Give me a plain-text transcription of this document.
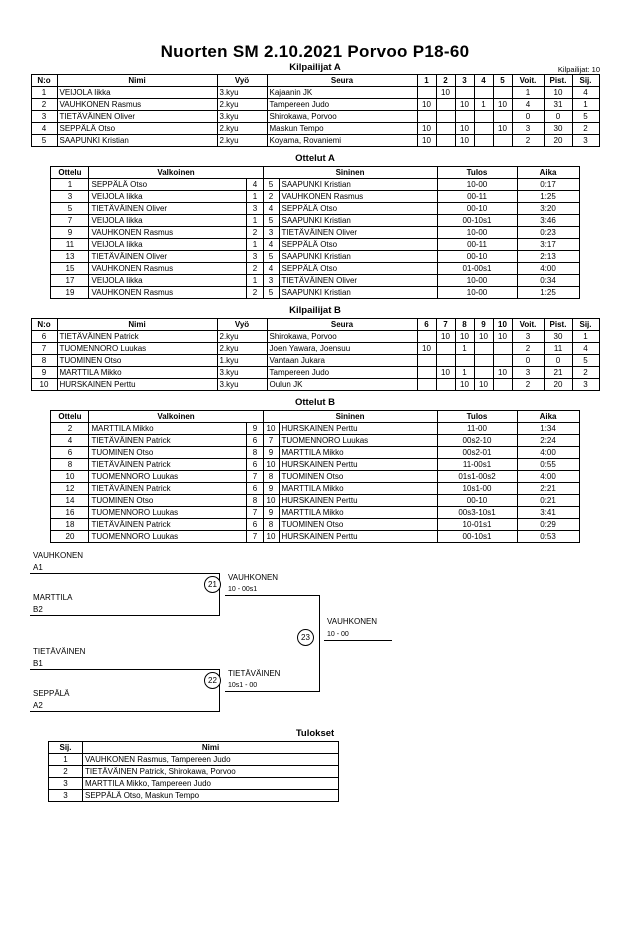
Nuorten SM 2.10.2021 Porvoo P18-60
Kilpailijat A	Kilpailijat: 10
N:o	Nimi	Vyö	Seura	1	2	3	4	5	Voit.	Pist.	Sij.
1	VEIJOLA Iikka	3.kyu	Kajaanin JK		10				1	10	4
2	VAUHKONEN Rasmus	2.kyu	Tampereen Judo	10		10	1	10	4	31	1
3	TIETÄVÄINEN Oliver	3.kyu	Shirokawa, Porvoo						0	0	5
4	SEPPÄLÄ Otso	2.kyu	Maskun Tempo	10		10		10	3	30	2
5	SAAPUNKI Kristian	2.kyu	Koyama, Rovaniemi	10		10			2	20	3
Ottelut A
Ottelu	Valkoinen		Sininen		Tulos	Aika
1	SEPPÄLÄ Otso	4	5	SAAPUNKI Kristian	10-00	0:17
3	VEIJOLA Iikka	1	2	VAUHKONEN Rasmus	00-11	1:25
5	TIETÄVÄINEN Oliver	3	4	SEPPÄLÄ Otso	00-10	3:20
7	VEIJOLA Iikka	1	5	SAAPUNKI Kristian	00-10s1	3:46
9	VAUHKONEN Rasmus	2	3	TIETÄVÄINEN Oliver	10-00	0:23
11	VEIJOLA Iikka	1	4	SEPPÄLÄ Otso	00-11	3:17
13	TIETÄVÄINEN Oliver	3	5	SAAPUNKI Kristian	00-10	2:13
15	VAUHKONEN Rasmus	2	4	SEPPÄLÄ Otso	01-00s1	4:00
17	VEIJOLA Iikka	1	3	TIETÄVÄINEN Oliver	10-00	0:34
19	VAUHKONEN Rasmus	2	5	SAAPUNKI Kristian	10-00	1:25
Kilpailijat B
N:o	Nimi	Vyö	Seura	6	7	8	9	10	Voit.	Pist.	Sij.
6	TIETÄVÄINEN Patrick	2.kyu	Shirokawa, Porvoo		10	10	10	10	3	30	1
7	TUOMENNORO Luukas	2.kyu	Joen Yawara, Joensuu	10		1			2	11	4
8	TUOMINEN Otso	1.kyu	Vantaan Jukara						0	0	5
9	MARTTILA Mikko	3.kyu	Tampereen Judo		10	1		10	3	21	2
10	HURSKAINEN Perttu	3.kyu	Oulun JK			10	10		2	20	3
Ottelut B
Ottelu	Valkoinen		Sininen		Tulos	Aika
2	MARTTILA Mikko	9	10	HURSKAINEN Perttu	11-00	1:34
4	TIETÄVÄINEN Patrick	6	7	TUOMENNORO Luukas	00s2-10	2:24
6	TUOMINEN Otso	8	9	MARTTILA Mikko	00s2-01	4:00
8	TIETÄVÄINEN Patrick	6	10	HURSKAINEN Perttu	11-00s1	0:55
10	TUOMENNORO Luukas	7	8	TUOMINEN Otso	01s1-00s2	4:00
12	TIETÄVÄINEN Patrick	6	9	MARTTILA Mikko	10s1-00	2:21
14	TUOMINEN Otso	8	10	HURSKAINEN Perttu	00-10	0:21
16	TUOMENNORO Luukas	7	9	MARTTILA Mikko	00s3-10s1	3:41
18	TIETÄVÄINEN Patrick	6	8	TUOMINEN Otso	10-01s1	0:29
20	TUOMENNORO Luukas	7	10	HURSKAINEN Perttu	00-10s1	0:53
VAUHKONEN
A1
MARTTILA
B2
21
VAUHKONEN
10 - 00s1
TIETÄVÄINEN
B1
SEPPÄLÄ
A2
22
TIETÄVÄINEN
10s1 - 00
23
VAUHKONEN
10 - 00
Tulokset
Sij.	Nimi
1	VAUHKONEN Rasmus, Tampereen Judo
2	TIETÄVÄINEN Patrick, Shirokawa, Porvoo
3	MARTTILA Mikko, Tampereen Judo
3	SEPPÄLÄ Otso, Maskun Tempo
